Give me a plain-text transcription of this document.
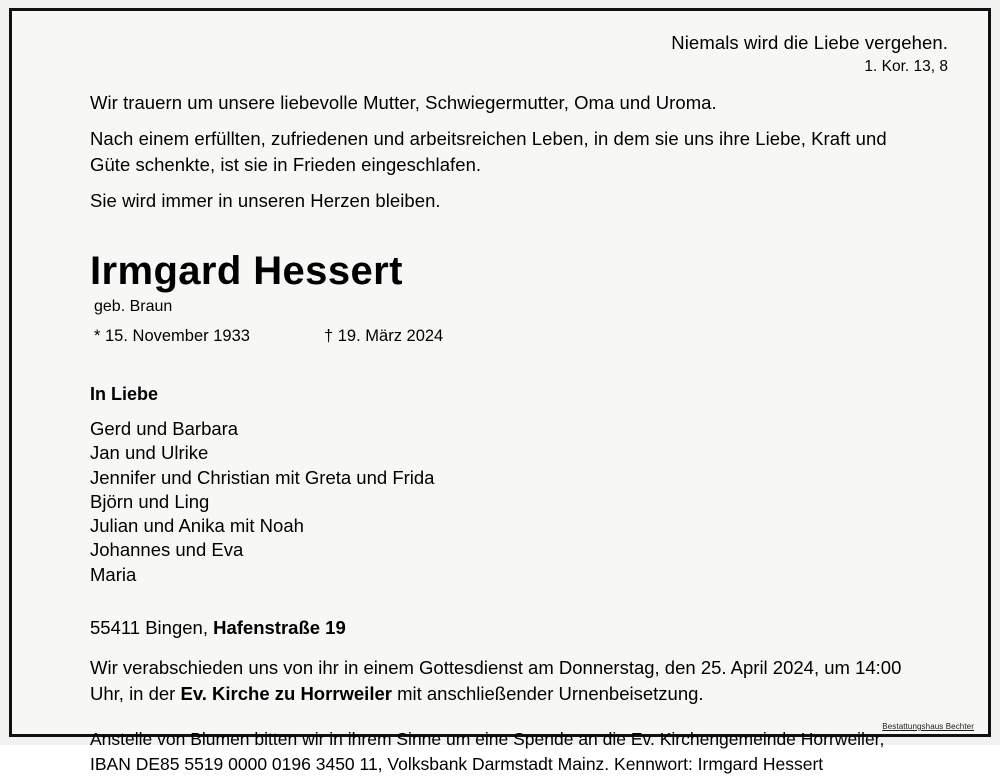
Niemals wird die Liebe vergehen.
1. Kor. 13, 8
Wir trauern um unsere liebevolle Mutter, Schwiegermutter, Oma und Uroma.
Nach einem erfüllten, zufriedenen und arbeitsreichen Leben, in dem sie uns ihre Liebe, Kraft und Güte schenkte, ist sie in Frieden eingeschlafen.
Sie wird immer in unseren Herzen bleiben.
Irmgard Hessert
geb. Braun
* 15. November 1933	† 19. März 2024
In Liebe
Gerd und Barbara
Jan und Ulrike
Jennifer und Christian mit Greta und Frida
Björn und Ling
Julian und Anika mit Noah
Johannes und Eva
Maria
55411 Bingen, Hafenstraße 19
Wir verabschieden uns von ihr in einem Gottesdienst am Donnerstag, den 25. April 2024, um 14:00 Uhr, in der Ev. Kirche zu Horrweiler mit anschließender Urnenbeisetzung.
Anstelle von Blumen bitten wir in ihrem Sinne um eine Spende an die Ev. Kirchengemeinde Horrweiler,
IBAN DE85 5519 0000 0196 3450 11, Volksbank Darmstadt Mainz. Kennwort: Irmgard Hessert
Bestattungshaus Bechter
